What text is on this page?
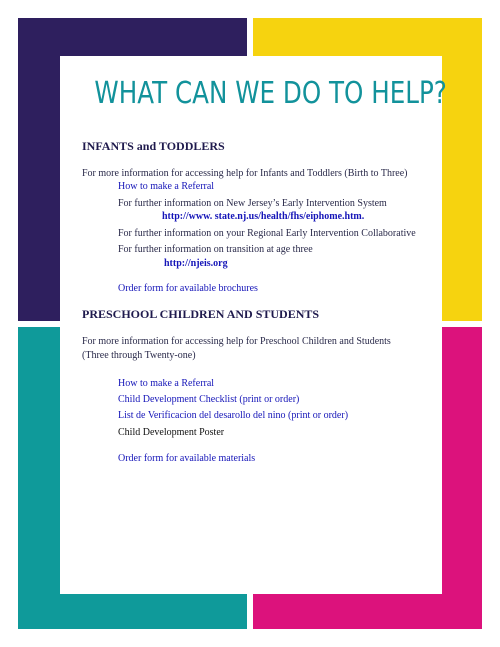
WHAT CAN WE DO TO HELP?
INFANTS and TODDLERS
For more information for accessing help for Infants and Toddlers (Birth to Three)
How to make a Referral
For further information on New Jersey’s Early Intervention System
http://www. state.nj.us/health/fhs/eiphome.htm.
For further information on your Regional Early Intervention Collaborative
For further information on transition at age three
http://njeis.org
Order form for available brochures
PRESCHOOL CHILDREN AND STUDENTS
For more information for accessing help for Preschool Children and Students
(Three through Twenty-one)
How to make a Referral
Child Development Checklist (print or order)
List de Verificacion del desarollo del nino (print or order)
Child Development Poster
Order form for available materials
